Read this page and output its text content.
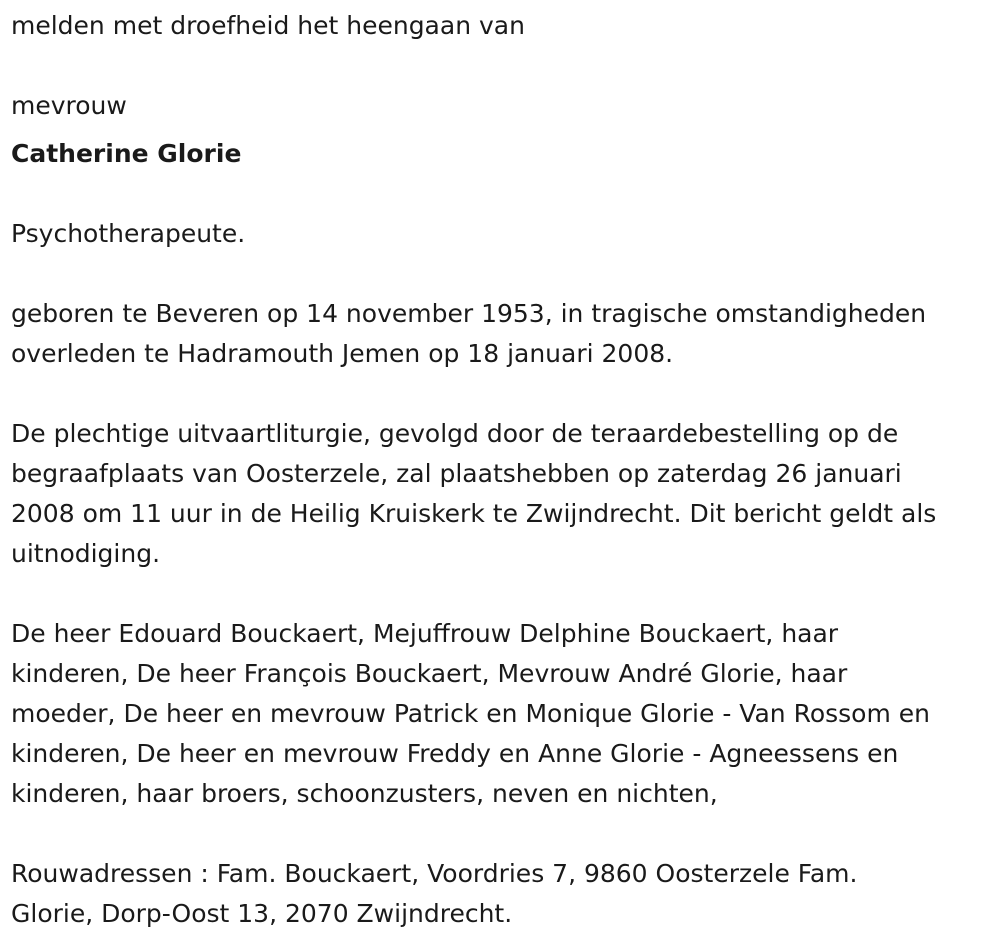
melden met droefheid het heengaan van

mevrouw

Catherine Glorie

Psychotherapeute.

geboren te Beveren op 14 november 1953, in tragische omstandigheden

overleden te Hadramouth Jemen op 18 januari 2008.

De plechtige uitvaartliturgie, gevolgd door de teraardebestelling op de

begraafplaats van Oosterzele, zal plaatshebben op zaterdag 26 januari

2008 om 11 uur in de Heilig Kruiskerk te Zwijndrecht. Dit bericht geldt als

uitnodiging.

De heer Edouard Bouckaert, Mejuffrouw Delphine Bouckaert, haar

kinderen, De heer François Bouckaert, Mevrouw André Glorie, haar

moeder, De heer en mevrouw Patrick en Monique Glorie - Van Rossom en

kinderen, De heer en mevrouw Freddy en Anne Glorie - Agneessens en

kinderen, haar broers, schoonzusters, neven en nichten,

Rouwadressen : Fam. Bouckaert, Voordries 7, 9860 Oosterzele Fam.

Glorie, Dorp-Oost 13, 2070 Zwijndrecht.
